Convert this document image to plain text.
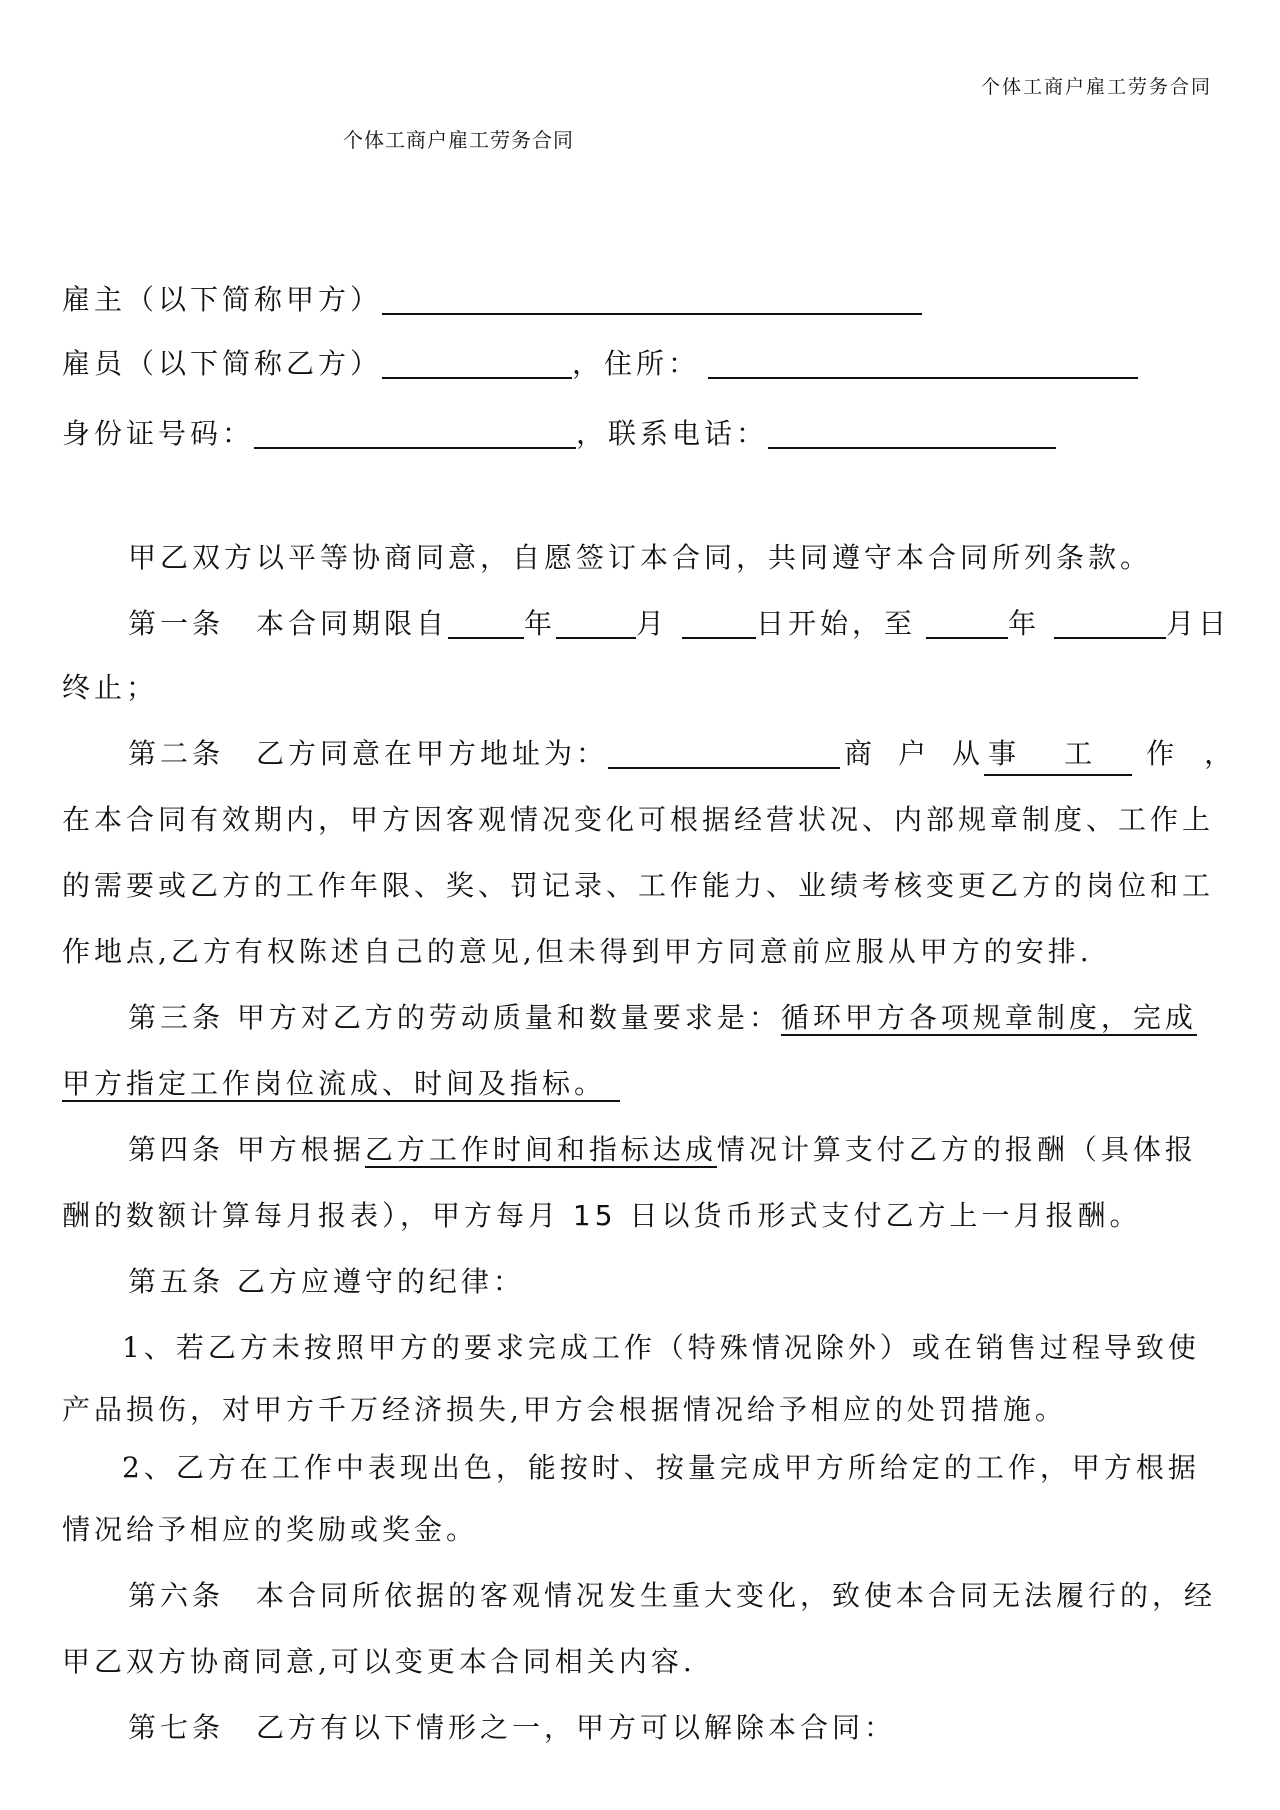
个体工商户雇工劳务合同
个体工商户雇工劳务合同
雇主（以下简称甲方）
雇员（以下简称乙方）	，住所：
身份证号码：	，联系电话：
甲乙双方以平等协商同意，自愿签订本合同，共同遵守本合同所列条款。
第一条　本合同期限自	年	月	日开始，至	年	月日
终止；
第二条　乙方同意在甲方地址为：	商 户 从 事 工 作 ，
在本合同有效期内，甲方因客观情况变化可根据经营状况、内部规章制度、工作上
的需要或乙方的工作年限、奖、罚记录、工作能力、业绩考核变更乙方的岗位和工
作地点,乙方有权陈述自己的意见,但未得到甲方同意前应服从甲方的安排.
第三条 甲方对乙方的劳动质量和数量要求是：循环甲方各项规章制度，完成
甲方指定工作岗位流成、时间及指标。
第四条 甲方根据乙方工作时间和指标达成情况计算支付乙方的报酬（具体报
酬的数额计算每月报表），甲方每月 15 日以货币形式支付乙方上一月报酬。
第五条 乙方应遵守的纪律：
1、若乙方未按照甲方的要求完成工作（特殊情况除外）或在销售过程导致使
产品损伤，对甲方千万经济损失,甲方会根据情况给予相应的处罚措施。
2、乙方在工作中表现出色，能按时、按量完成甲方所给定的工作，甲方根据
情况给予相应的奖励或奖金。
第六条　本合同所依据的客观情况发生重大变化，致使本合同无法履行的，经
甲乙双方协商同意,可以变更本合同相关内容.
第七条　乙方有以下情形之一，甲方可以解除本合同：
